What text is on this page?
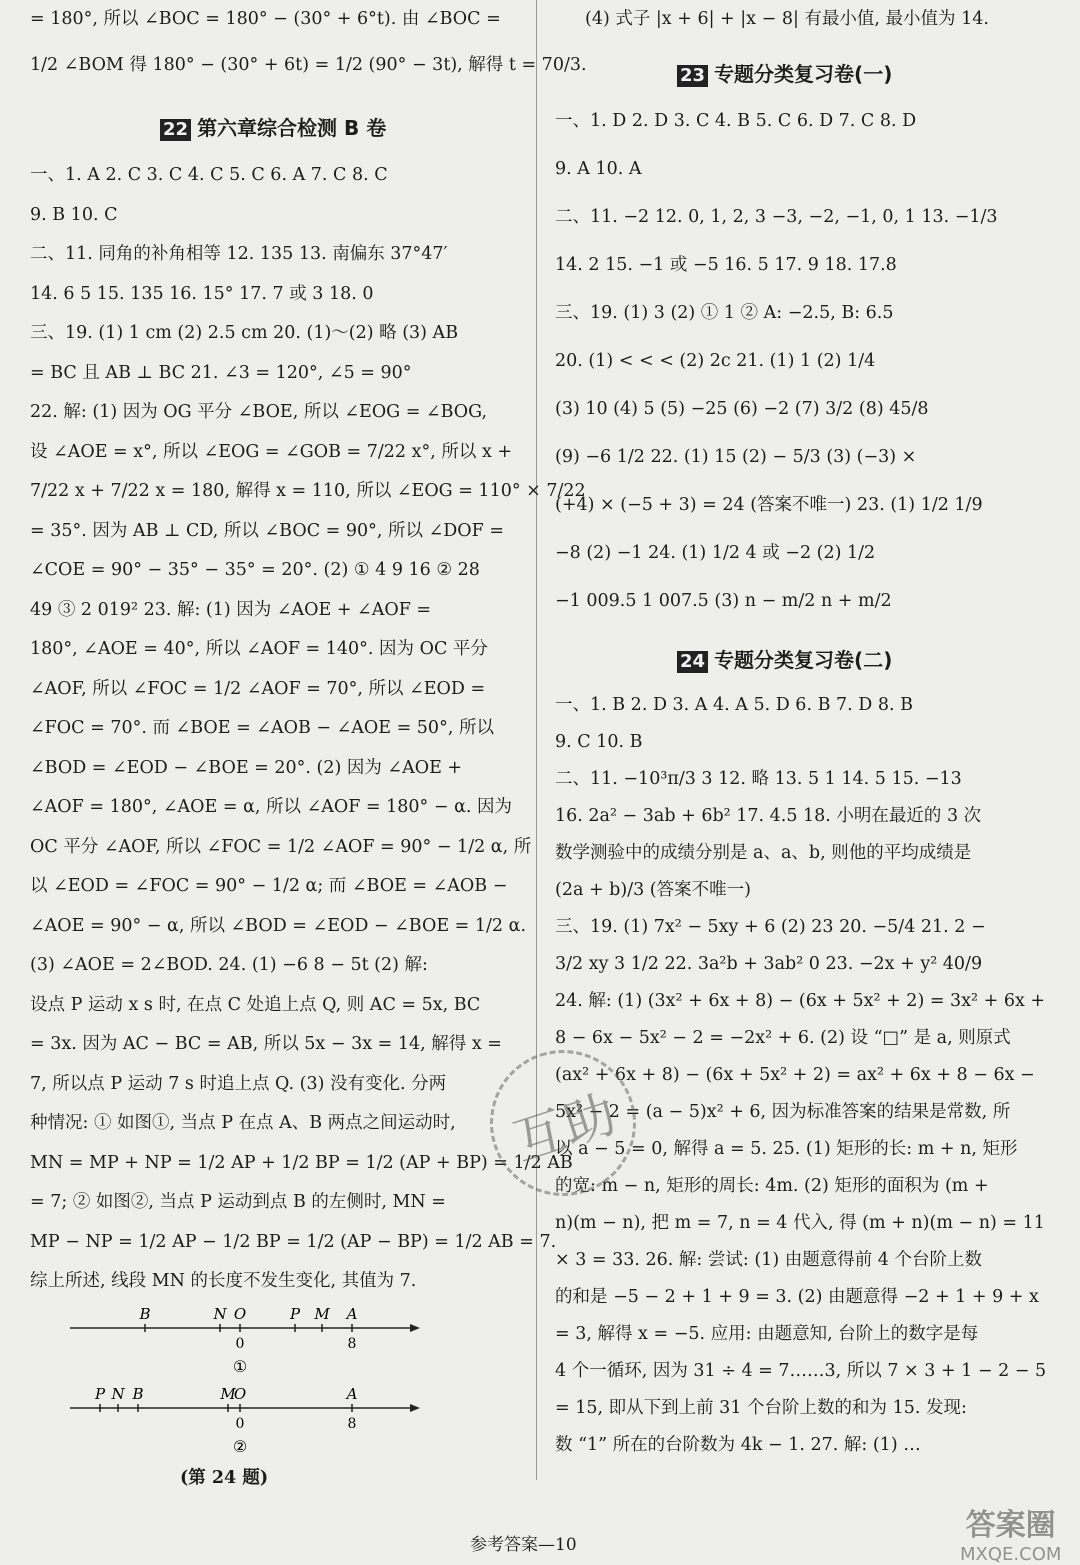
= 180°, 所以 ∠BOC = 180° − (30° + 6°t). 由 ∠BOC =
1/2 ∠BOM 得 180° − (30° + 6t) = 1/2 (90° − 3t), 解得 t = 70/3.
22 第六章综合检测 B 卷
一、1. A 2. C 3. C 4. C 5. C 6. A 7. C 8. C
9. B 10. C
二、11. 同角的补角相等 12. 135 13. 南偏东 37°47′
14. 6 5 15. 135 16. 15° 17. 7 或 3 18. 0
三、19. (1) 1 cm (2) 2.5 cm 20. (1)～(2) 略 (3) AB
= BC 且 AB ⊥ BC 21. ∠3 = 120°, ∠5 = 90°
22. 解: (1) 因为 OG 平分 ∠BOE, 所以 ∠EOG = ∠BOG,
设 ∠AOE = x°, 所以 ∠EOG = ∠GOB = 7/22 x°, 所以 x +
7/22 x + 7/22 x = 180, 解得 x = 110, 所以 ∠EOG = 110° × 7/22
= 35°. 因为 AB ⊥ CD, 所以 ∠BOC = 90°, 所以 ∠DOF =
∠COE = 90° − 35° − 35° = 20°. (2) ① 4 9 16 ② 28
49 ③ 2 019² 23. 解: (1) 因为 ∠AOE + ∠AOF =
180°, ∠AOE = 40°, 所以 ∠AOF = 140°. 因为 OC 平分
∠AOF, 所以 ∠FOC = 1/2 ∠AOF = 70°, 所以 ∠EOD =
∠FOC = 70°. 而 ∠BOE = ∠AOB − ∠AOE = 50°, 所以
∠BOD = ∠EOD − ∠BOE = 20°. (2) 因为 ∠AOE +
∠AOF = 180°, ∠AOE = α, 所以 ∠AOF = 180° − α. 因为
OC 平分 ∠AOF, 所以 ∠FOC = 1/2 ∠AOF = 90° − 1/2 α, 所
以 ∠EOD = ∠FOC = 90° − 1/2 α; 而 ∠BOE = ∠AOB −
∠AOE = 90° − α, 所以 ∠BOD = ∠EOD − ∠BOE = 1/2 α.
(3) ∠AOE = 2∠BOD. 24. (1) −6 8 − 5t (2) 解:
设点 P 运动 x s 时, 在点 C 处追上点 Q, 则 AC = 5x, BC
= 3x. 因为 AC − BC = AB, 所以 5x − 3x = 14, 解得 x =
7, 所以点 P 运动 7 s 时追上点 Q. (3) 没有变化. 分两
种情况: ① 如图①, 当点 P 在点 A、B 两点之间运动时,
MN = MP + NP = 1/2 AP + 1/2 BP = 1/2 (AP + BP) = 1/2 AB
= 7; ② 如图②, 当点 P 运动到点 B 的左侧时, MN =
MP − NP = 1/2 AP − 1/2 BP = 1/2 (AP − BP) = 1/2 AB = 7.
综上所述, 线段 MN 的长度不发生变化, 其值为 7.
B	N O	P M A
0	8
①
P N B	M
O	A
0	8
②
(第 24 题)
(4) 式子 |x + 6| + |x − 8| 有最小值, 最小值为 14.
23 专题分类复习卷(一)
一、1. D 2. D 3. C 4. B 5. C 6. D 7. C 8. D
9. A 10. A
二、11. −2 12. 0, 1, 2, 3 −3, −2, −1, 0, 1 13. −1/3
14. 2 15. −1 或 −5 16. 5 17. 9 18. 17.8
三、19. (1) 3 (2) ① 1 ② A: −2.5, B: 6.5
20. (1) < < < (2) 2c 21. (1) 1 (2) 1/4
(3) 10 (4) 5 (5) −25 (6) −2 (7) 3/2 (8) 45/8
(9) −6 1/2 22. (1) 15 (2) − 5/3 (3) (−3) ×
(+4) × (−5 + 3) = 24 (答案不唯一) 23. (1) 1/2 1/9
−8 (2) −1 24. (1) 1/2 4 或 −2 (2) 1/2
−1 009.5 1 007.5 (3) n − m/2 n + m/2
24 专题分类复习卷(二)
一、1. B 2. D 3. A 4. A 5. D 6. B 7. D 8. B
9. C 10. B
二、11. −10³π/3 3 12. 略 13. 5 1 14. 5 15. −13
16. 2a² − 3ab + 6b² 17. 4.5 18. 小明在最近的 3 次
数学测验中的成绩分别是 a、a、b, 则他的平均成绩是
(2a + b)/3 (答案不唯一)
三、19. (1) 7x² − 5xy + 6 (2) 23 20. −5/4 21. 2 −
3/2 xy 3 1/2 22. 3a²b + 3ab² 0 23. −2x + y² 40/9
24. 解: (1) (3x² + 6x + 8) − (6x + 5x² + 2) = 3x² + 6x +
8 − 6x − 5x² − 2 = −2x² + 6. (2) 设 “□” 是 a, 则原式
(ax² + 6x + 8) − (6x + 5x² + 2) = ax² + 6x + 8 − 6x −
5x² − 2 = (a − 5)x² + 6, 因为标准答案的结果是常数, 所
以 a − 5 = 0, 解得 a = 5. 25. (1) 矩形的长: m + n, 矩形
的宽: m − n, 矩形的周长: 4m. (2) 矩形的面积为 (m +
n)(m − n), 把 m = 7, n = 4 代入, 得 (m + n)(m − n) = 11
× 3 = 33. 26. 解: 尝试: (1) 由题意得前 4 个台阶上数
的和是 −5 − 2 + 1 + 9 = 3. (2) 由题意得 −2 + 1 + 9 + x
= 3, 解得 x = −5. 应用: 由题意知, 台阶上的数字是每
4 个一循环, 因为 31 ÷ 4 = 7……3, 所以 7 × 3 + 1 − 2 − 5
= 15, 即从下到上前 31 个台阶上数的和为 15. 发现:
数 “1” 所在的台阶数为 4k − 1. 27. 解: (1) …
参考答案—10
互助
答案圈
MXQE.COM
